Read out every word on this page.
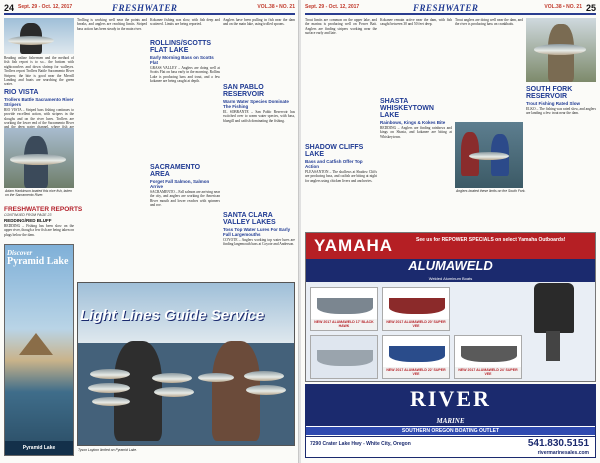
24 Sept. 29 - Oct. 12, 2017	FRESHWATER	VOL.38 • NO. 21
Reading online fishermen and the method of fish fish report is to so... the bottom with nightcrawlers and down shrimp for walleyes. Trollers report Trollers Battle Sacramento River Stripers; the bite is good near the Merrill Landing and boats are searching the green water.
RIO VISTA
Trollers Battle Sacramento River Stripers
RIO VISTA – Striped bass fishing continues to provide excellent action, with stripers in the sloughs and on the river lures. Trollers are working the lower end of the Sacramento River
Adam Hankinson boated this nice fish, taken on the Sacramento River.
Trolling is working well near the points and breaks, and anglers are reaching limits. Striped bass action has been steady in the main river.
FRESHWATER REPORTS
CONTINUED FROM PAGE 23
REDDING/RED BLUFF
REDDING – Fishing has been slow on the upper river, though a few fish are being taken on plugs below the dam.
Kokanee fishing was slow, with fish deep and scattered. Limits are being reported.
ROLLINS/SCOTTS FLAT LAKE
Early Morning Bass on Scotts Flat
GRASS VALLEY – Anglers are doing well at Scotts Flat on bass early in the morning. Rollins Lake is producing bass and trout, and a few kokanee are being caught at depth.
SACRAMENTO AREA
Forget Fall Salmon, Salmon Arrive
SACRAMENTO – Fall salmon are arriving near the city, and anglers are working the American River mouth and lower reaches with spinners and roe.
Anglers have been pulling in fish near the dam and on the main lake, using trolled spoons.
SAN PABLO RESERVOIR
Warm Water Species Dominate The Fishing
EL SOBRANTE – San Pablo Reservoir has switched over to warm water species, with bass, bluegill and catfish dominating the fishing.
SANTA CLARA VALLEY LAKES
Toss Top Water Lures For Early Fall Largemouths
COYOTE – Anglers working top water lures are finding largemouth bass at Coyote and Anderson.
Discover
Pyramid Lake
Pyramid Lake
Light Lines Guide Service
Tyson Laybon limited on Pyramid Lake.
Sept. 29 - Oct. 12, 2017	FRESHWATER	VOL.38 • NO. 21 25
Trout limits are common on the upper lake, and the marina is producing well on Power Bait. Anglers are finding stripers working near the surface early and late.
SHADOW CLIFFS LAKE
Bass and Catfish Offer Top Action
PLEASANTON – The shallows at Shadow Cliffs are producing bass, and catfish are biting at night for anglers using chicken livers and anchovies.
Kokanee remain active near the dam, with fish caught between 30 and 50 feet deep.
SHASTA WHISKEYTOWN LAKE
Rainbows, Kings & Kokes Bite
REDDING – Anglers are finding rainbows and kings on Shasta, and kokanee are biting at Whiskeytown.
Trout anglers are doing well near the dam, and the river is producing bass on crankbaits.
SOUTH FORK RESERVOIR
Trout Fishing Rated Slow
ELKO – The fishing was rated slow, and anglers are landing a few trout near the dam.
Anglers boated these limits on the South Fork.
YAMAHA	See us for REPOWER SPECIALS on select Yamaha Outboards!
ALUMAWELD
Welded Aluminum Boats
NEW 2017 ALUMAWELD 17' BLACK HAWK
NEW 2017 ALUMAWELD 20' SUPER VEE
NEW 2017 ALUMAWELD 22' SUPER VEE
NEW 2017 ALUMAWELD 24' SUPER VEE
RIVER
MARINE
SOUTHERN OREGON BOATING OUTLET
7290 Crater Lake Hwy - White City, Oregon	541.830.5151
rivermarinesales.com
